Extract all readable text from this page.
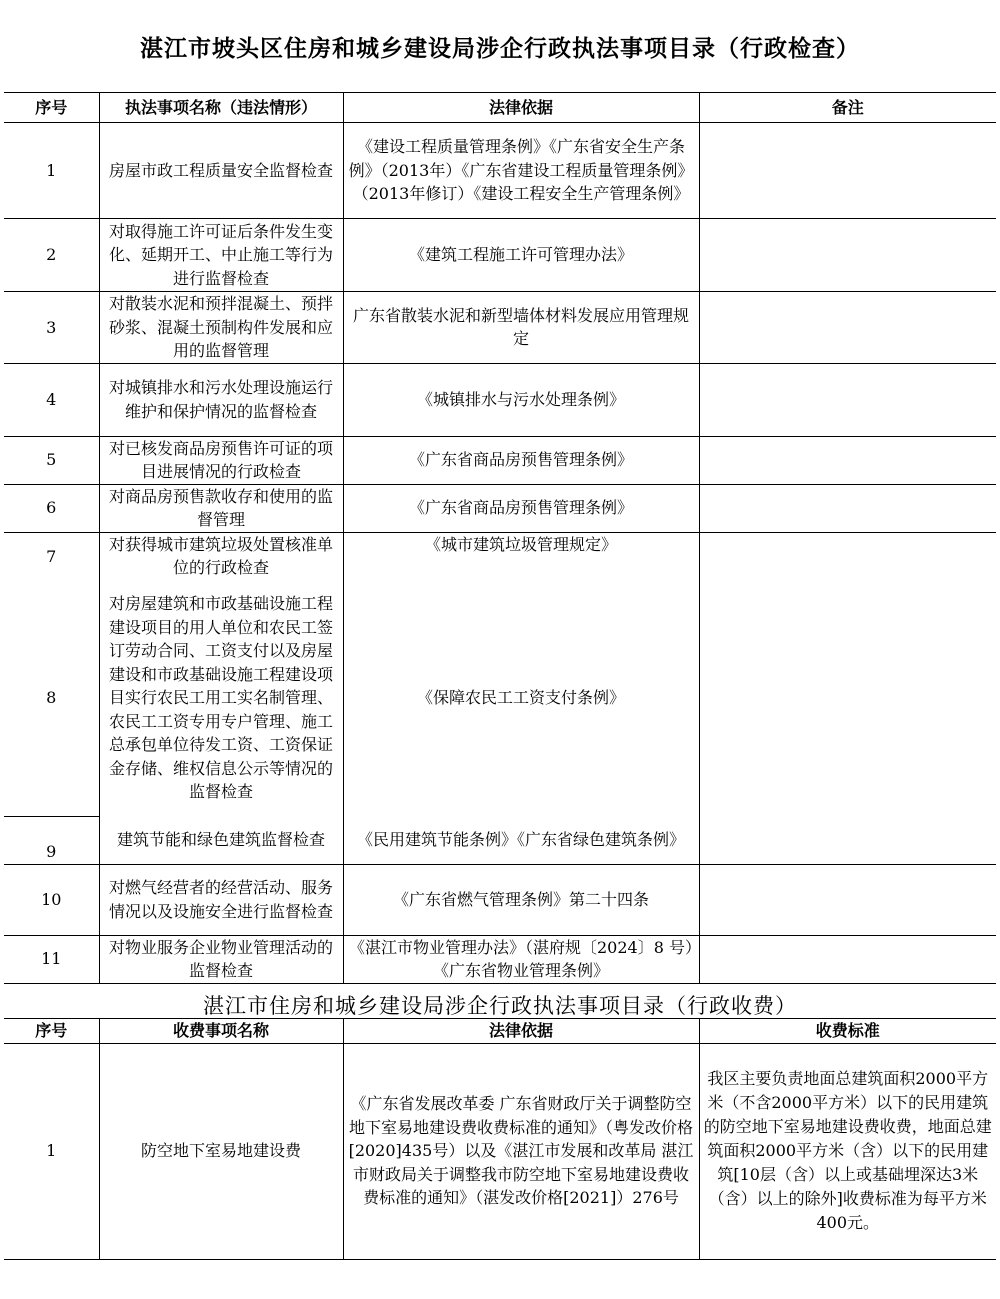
湛江市坡头区住房和城乡建设局涉企行政执法事项目录（行政检查）
序号	执法事项名称（违法情形）	法律依据	备注
1	房屋市政工程质量安全监督检查	《建设工程质量管理条例》《广东省安全生产条例》（2013年）《广东省建设工程质量管理条例》（2013年修订）《建设工程安全生产管理条例》	
2	对取得施工许可证后条件发生变化、延期开工、中止施工等行为进行监督检查	《建筑工程施工许可管理办法》	
3	对散装水泥和预拌混凝土、预拌砂浆、混凝土预制构件发展和应用的监督管理	广东省散装水泥和新型墙体材料发展应用管理规定	
4	对城镇排水和污水处理设施运行维护和保护情况的监督检查	《城镇排水与污水处理条例》	
5	对已核发商品房预售许可证的项目进展情况的行政检查	《广东省商品房预售管理条例》	
6	对商品房预售款收存和使用的监督管理	《广东省商品房预售管理条例》	
7	对获得城市建筑垃圾处置核准单位的行政检查	《城市建筑垃圾管理规定》	
8	对房屋建筑和市政基础设施工程建设项目的用人单位和农民工签订劳动合同、工资支付以及房屋建设和市政基础设施工程建设项目实行农民工用工实名制管理、农民工工资专用专户管理、施工总承包单位待发工资、工资保证金存储、维权信息公示等情况的监督检查	《保障农民工工资支付条例》	
9	建筑节能和绿色建筑监督检查	《民用建筑节能条例》《广东省绿色建筑条例》	
10	对燃气经营者的经营活动、服务情况以及设施安全进行监督检查	《广东省燃气管理条例》第二十四条	
11	对物业服务企业物业管理活动的监督检查	《湛江市物业管理办法》（湛府规〔2024〕8 号）《广东省物业管理条例》	
湛江市住房和城乡建设局涉企行政执法事项目录（行政收费）
序号	收费事项名称	法律依据	收费标准
1	防空地下室易地建设费	《广东省发展改革委 广东省财政厅关于调整防空地下室易地建设费收费标准的通知》（粤发改价格[2020]435号）以及《湛江市发展和改革局 湛江市财政局关于调整我市防空地下室易地建设费收费标准的通知》（湛发改价格[2021]）276号	我区主要负责地面总建筑面积2000平方米（不含2000平方米）以下的民用建筑的防空地下室易地建设费收费，地面总建筑面积2000平方米（含）以下的民用建筑[10层（含）以上或基础埋深达3米（含）以上的除外]收费标准为每平方米400元。
